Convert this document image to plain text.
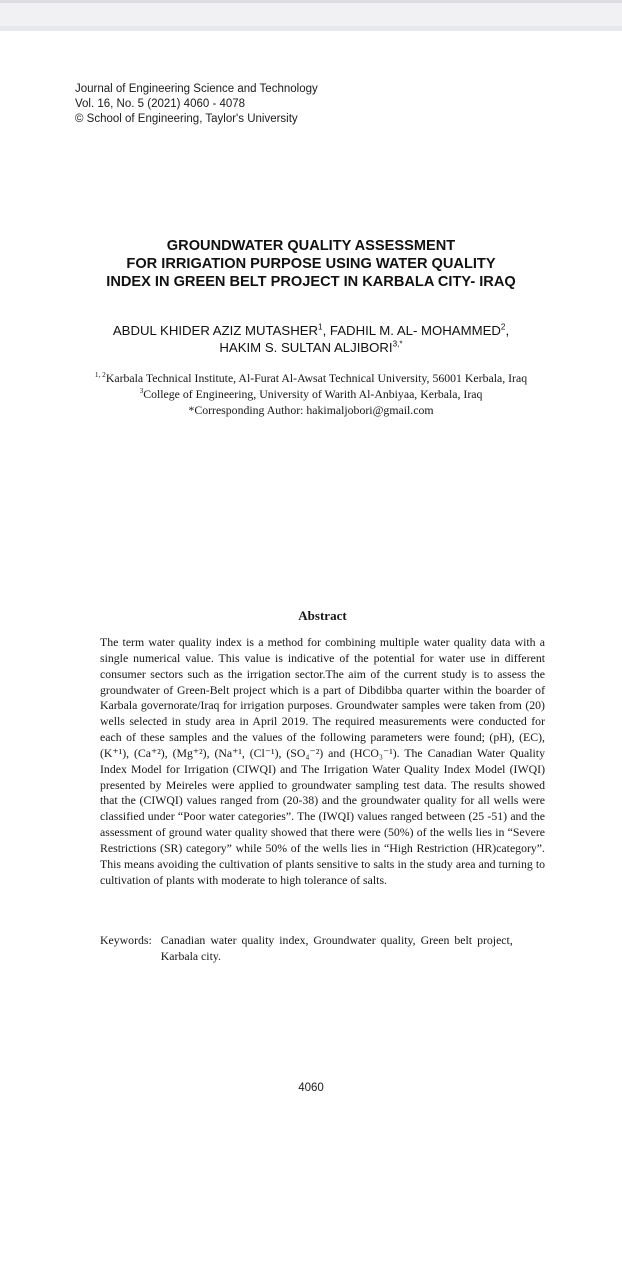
Journal of Engineering Science and Technology
Vol. 16, No. 5 (2021) 4060 - 4078
© School of Engineering, Taylor's University
GROUNDWATER QUALITY ASSESSMENT
FOR IRRIGATION PURPOSE USING WATER QUALITY
INDEX IN GREEN BELT PROJECT IN KARBALA CITY- IRAQ
ABDUL KHIDER AZIZ MUTASHER$^1$, FADHIL M. AL- MOHAMMED$^2$,
HAKIM S. SULTAN $ALJIBORI^{3,*}$
$^{1, 2}$Karbala Technical Institute, Al-Furat Al-Awsat Technical University, 56001 Kerbala, Iraq
$^3$College of Engineering, University of Warith Al-Anbiyaa, Kerbala, Iraq
*Corresponding Author: hakimaljobori@gmail.com
Abstract

The term water quality index is a method for combining multiple water quality data with a single numerical value. This value is indicative of the potential for water use in different consumer sectors such as the irrigation sector.The aim of the current study is to assess the groundwater of Green-Belt project which is a part of Dibdibba quarter within the boarder of Karbala governorate/Iraq for irrigation purposes. Groundwater samples were taken from (20) wells selected in study area in April 2019. The required measurements were conducted for each of these samples and the values of the following parameters were found; (pH), (EC), (K⁺¹), (Ca⁺²), (Mg⁺²), (Na⁺¹, (Cl⁻¹), (SO₄⁻²) and (HCO₃⁻¹). The Canadian Water Quality Index Model for Irrigation (CIWQI) and The Irrigation Water Quality Index Model (IWQI) presented by Meireles were applied to groundwater sampling test data. The results showed that the (CIWQI) values ranged from (20-38) and the groundwater quality for all wells were classified under “Poor water categories”. The (IWQI) values ranged between (25 -51) and the assessment of ground water quality showed that there were (50%) of the wells lies in “Severe Restrictions (SR) category” while 50% of the wells lies in “High Restriction (HR)category”. This means avoiding the cultivation of plants sensitive to salts in the study area and turning to cultivation of plants with moderate to high tolerance of salts.

Keywords: Canadian water quality index, Groundwater quality, Green belt project, Karbala city.
4060
